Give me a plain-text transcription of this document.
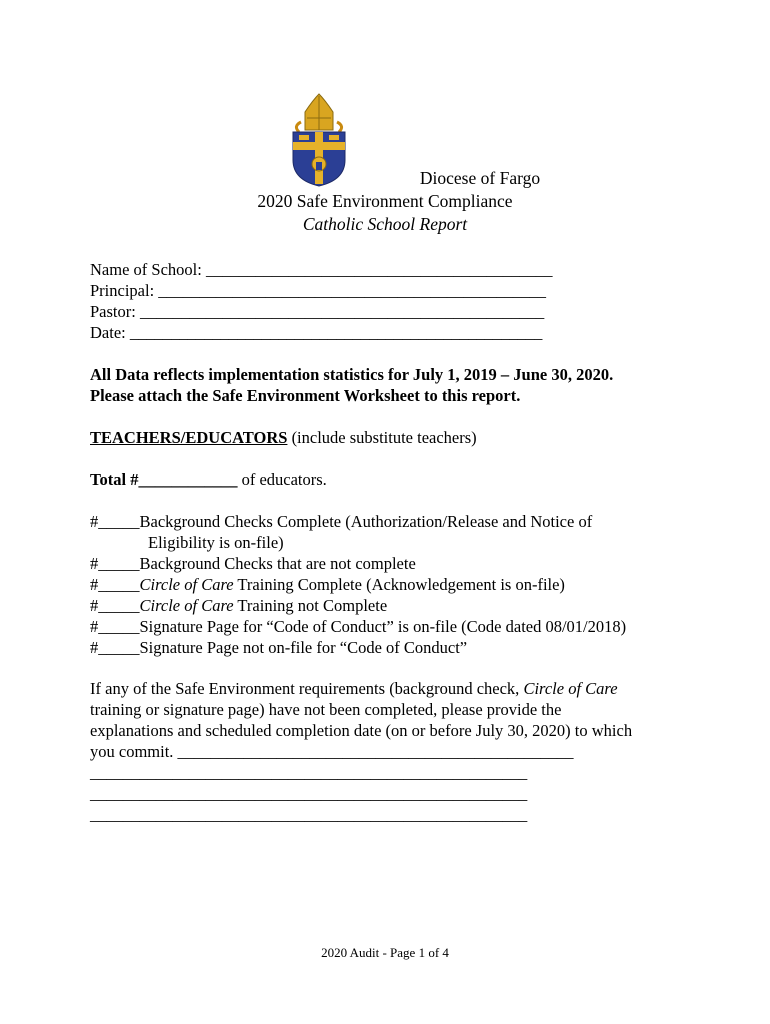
Diocese of Fargo
2020 Safe Environment Compliance
Catholic School Report
Name of School: __________________________________________
Principal: _______________________________________________
Pastor: _________________________________________________
Date: __________________________________________________
All Data reflects implementation statistics for July 1, 2019 – June 30, 2020.
Please attach the Safe Environment Worksheet to this report.
TEACHERS/EDUCATORS (include substitute teachers)
Total #____________ of educators.
#_____Background Checks Complete (Authorization/Release and Notice of
Eligibility is on-file)
#_____Background Checks that are not complete
#_____Circle of Care Training Complete (Acknowledgement is on-file)
#_____Circle of Care Training not Complete
#_____Signature Page for “Code of Conduct” is on-file (Code dated 08/01/2018)
#_____Signature Page not on-file for “Code of Conduct”
If any of the Safe Environment requirements (background check, Circle of Care
training or signature page) have not been completed, please provide the
explanations and scheduled completion date (on or before July 30, 2020) to which
you commit. ________________________________________________
_____________________________________________________
_____________________________________________________
_____________________________________________________
2020 Audit - Page 1 of 4
